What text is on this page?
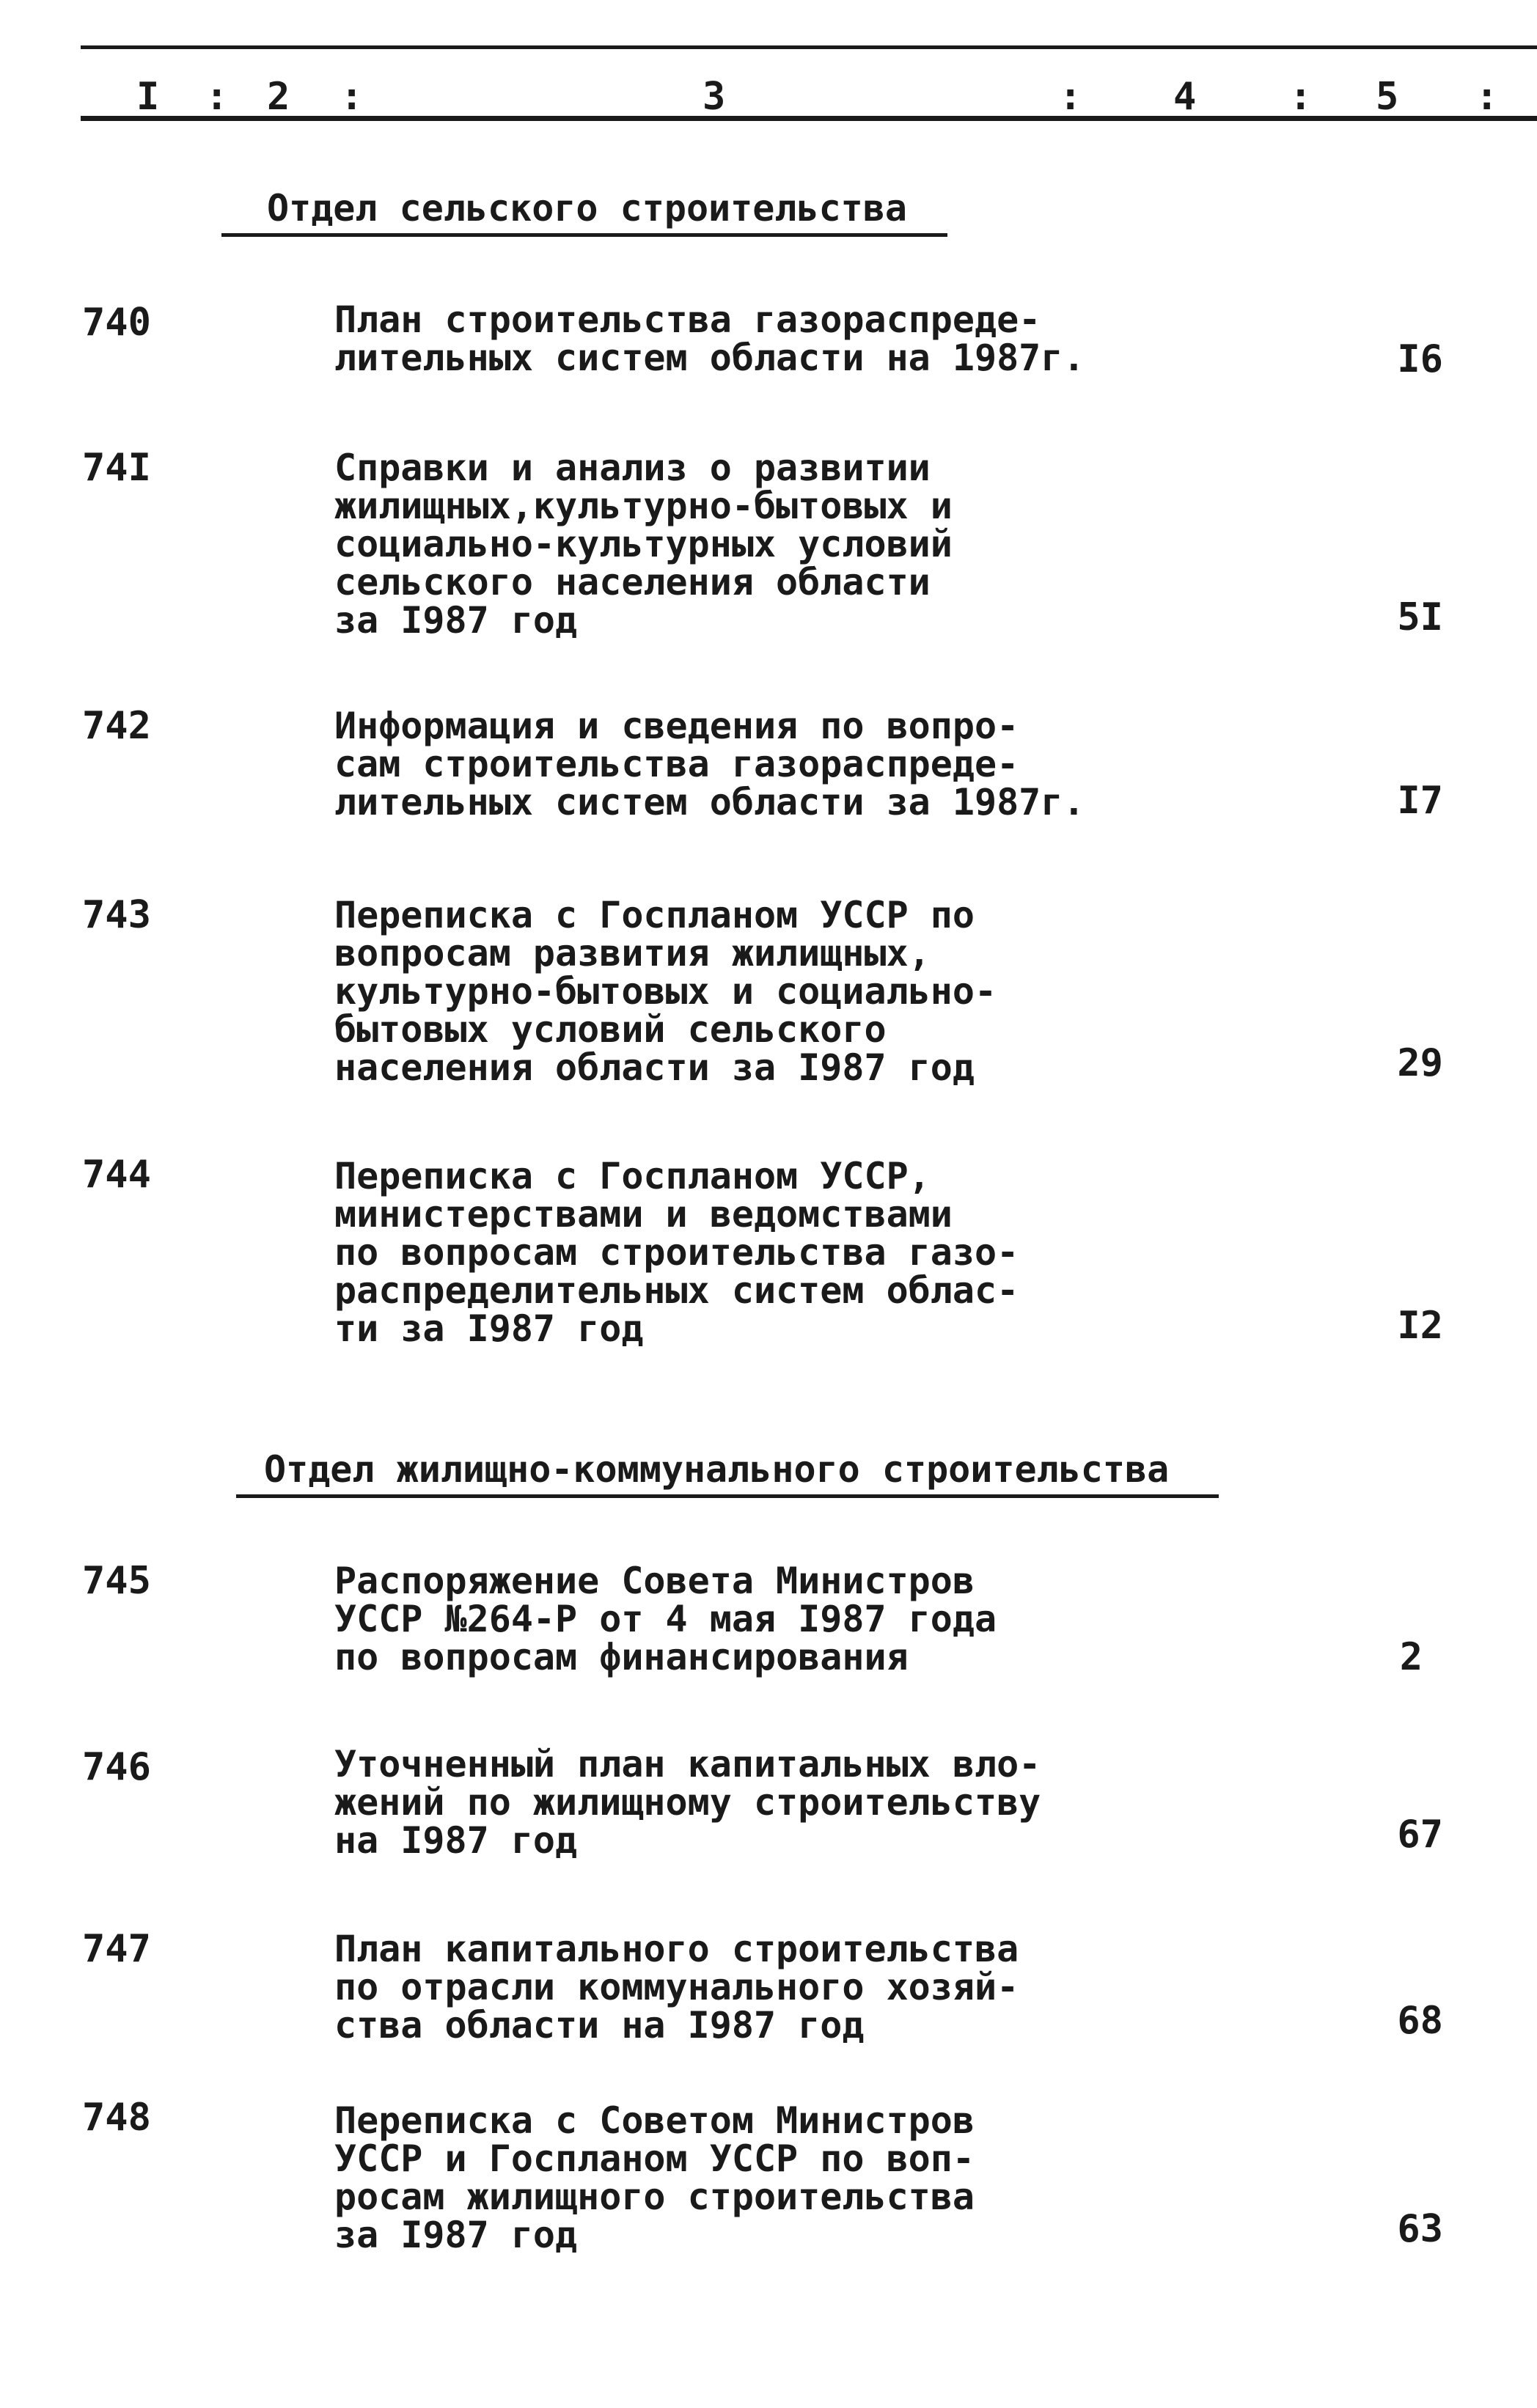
I : 2 :	3	: 4 : 5 :
Отдел сельского строительства
740	План строительства газораспреде-
лительных систем области на 1987г.	I6
74I	Справки и анализ о развитии
жилищных,культурно-бытовых и
социально-культурных условий
сельского населения области
за I987 год	5I
742	Информация и сведения по вопро-
сам строительства газораспреде-
лительных систем области за 1987г.	I7
743	Переписка с Госпланом УССР по
вопросам развития жилищных,
культурно-бытовых и социально-
бытовых условий сельского
населения области за I987 год	29
744	Переписка с Госпланом УССР,
министерствами и ведомствами
по вопросам строительства газо-
распределительных систем облас-
ти за I987 год	I2
Отдел жилищно-коммунального строительства
745	Распоряжение Совета Министров
УССР №264-Р от 4 мая I987 года
по вопросам финансирования	2
746	Уточненный план капитальных вло-
жений по жилищному строительству
на I987 год	67
747	План капитального строительства
по отрасли коммунального хозяй-
ства области на I987 год	68
748	Переписка с Советом Министров
УССР и Госпланом УССР по воп-
росам жилищного строительства
за I987 год	63
